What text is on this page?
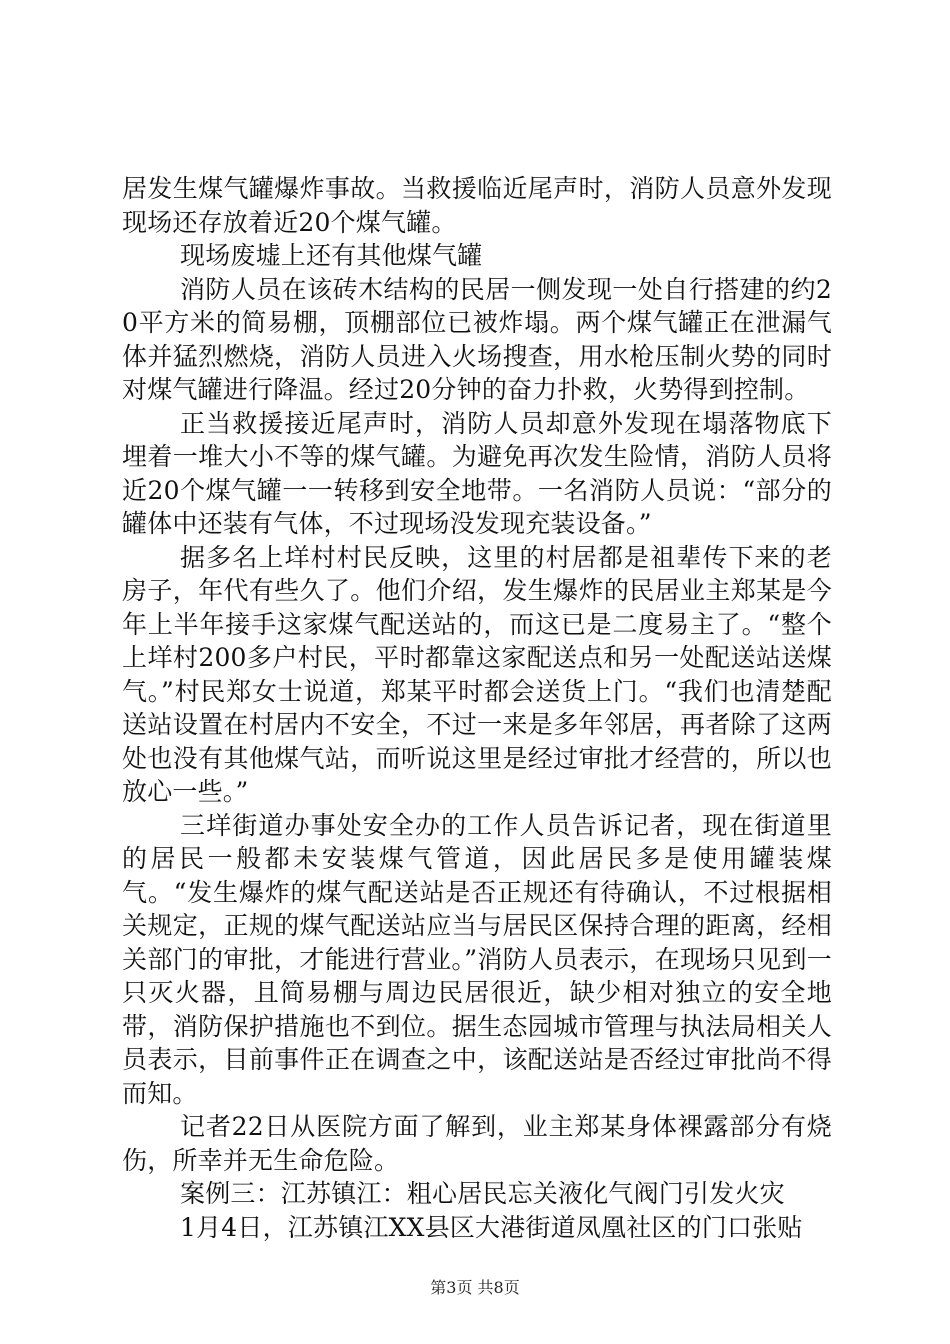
居发生煤气罐爆炸事故。当救援临近尾声时，消防人员意外发现现场还存放着近20个煤气罐。

现场废墟上还有其他煤气罐

消防人员在该砖木结构的民居一侧发现一处自行搭建的约20平方米的简易棚，顶棚部位已被炸塌。两个煤气罐正在泄漏气体并猛烈燃烧，消防人员进入火场搜查，用水枪压制火势的同时对煤气罐进行降温。经过20分钟的奋力扑救，火势得到控制。

正当救援接近尾声时，消防人员却意外发现在塌落物底下埋着一堆大小不等的煤气罐。为避免再次发生险情，消防人员将近20个煤气罐一一转移到安全地带。一名消防人员说：“部分的罐体中还装有气体，不过现场没发现充装设备。”

据多名上垟村村民反映，这里的村居都是祖辈传下来的老房子，年代有些久了。他们介绍，发生爆炸的民居业主郑某是今年上半年接手这家煤气配送站的，而这已是二度易主了。“整个上垟村200多户村民，平时都靠这家配送点和另一处配送站送煤气。”村民郑女士说道，郑某平时都会送货上门。“我们也清楚配送站设置在村居内不安全，不过一来是多年邻居，再者除了这两处也没有其他煤气站，而听说这里是经过审批才经营的，所以也放心一些。”

三垟街道办事处安全办的工作人员告诉记者，现在街道里的居民一般都未安装煤气管道，因此居民多是使用罐装煤气。“发生爆炸的煤气配送站是否正规还有待确认，不过根据相关规定，正规的煤气配送站应当与居民区保持合理的距离，经相关部门的审批，才能进行营业。”消防人员表示，在现场只见到一只灭火器，且简易棚与周边民居很近，缺少相对独立的安全地带，消防保护措施也不到位。据生态园城市管理与执法局相关人员表示，目前事件正在调查之中，该配送站是否经过审批尚不得而知。

记者22日从医院方面了解到，业主郑某身体裸露部分有烧伤，所幸并无生命危险。

案例三：江苏镇江：粗心居民忘关液化气阀门引发火灾

1月4日，江苏镇江XX县区大港街道凤凰社区的门口张贴

第3页 共8页
